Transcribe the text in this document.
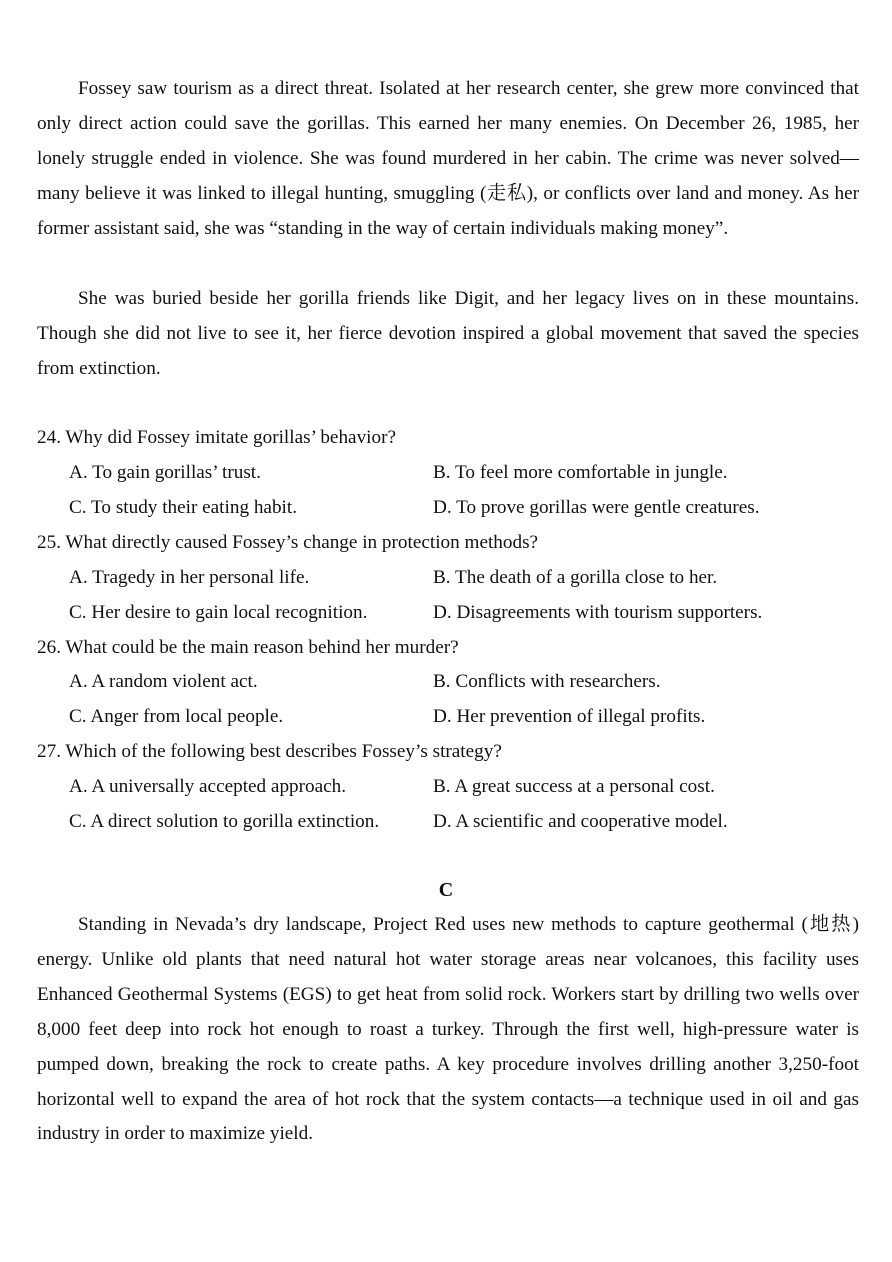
Fossey saw tourism as a direct threat. Isolated at her research center, she grew more convinced that only direct action could save the gorillas. This earned her many enemies. On December 26, 1985, her lonely struggle ended in violence. She was found murdered in her cabin. The crime was never solved—many believe it was linked to illegal hunting, smuggling (走私), or conflicts over land and money. As her former assistant said, she was “standing in the way of certain individuals making money”.

She was buried beside her gorilla friends like Digit, and her legacy lives on in these mountains. Though she did not live to see it, her fierce devotion inspired a global movement that saved the species from extinction.

24. Why did Fossey imitate gorillas’ behavior?
A. To gain gorillas’ trust.	B. To feel more comfortable in jungle.
C. To study their eating habit.	D. To prove gorillas were gentle creatures.
25. What directly caused Fossey’s change in protection methods?
A. Tragedy in her personal life.	B. The death of a gorilla close to her.
C. Her desire to gain local recognition.	D. Disagreements with tourism supporters.
26. What could be the main reason behind her murder?
A. A random violent act.	B. Conflicts with researchers.
C. Anger from local people.	D. Her prevention of illegal profits.
27. Which of the following best describes Fossey’s strategy?
A. A universally accepted approach.	B. A great success at a personal cost.
C. A direct solution to gorilla extinction.	D. A scientific and cooperative model.
C

Standing in Nevada’s dry landscape, Project Red uses new methods to capture geothermal (地热) energy. Unlike old plants that need natural hot water storage areas near volcanoes, this facility uses Enhanced Geothermal Systems (EGS) to get heat from solid rock. Workers start by drilling two wells over 8,000 feet deep into rock hot enough to roast a turkey. Through the first well, high-pressure water is pumped down, breaking the rock to create paths. A key procedure involves drilling another 3,250-foot horizontal well to expand the area of hot rock that the system contacts—a technique used in oil and gas industry in order to maximize yield.
